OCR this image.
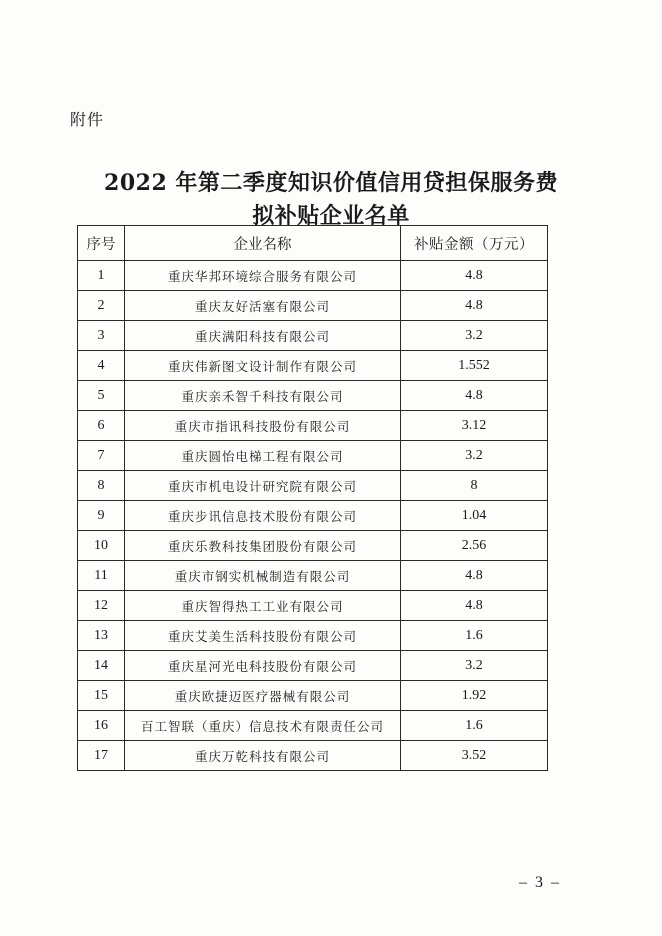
附件
2022 年第二季度知识价值信用贷担保服务费
拟补贴企业名单
序号	企业名称	补贴金额（万元）
1	重庆华邦环境综合服务有限公司	4.8
2	重庆友好活塞有限公司	4.8
3	重庆满阳科技有限公司	3.2
4	重庆伟新图文设计制作有限公司	1.552
5	重庆亲禾智千科技有限公司	4.8
6	重庆市指讯科技股份有限公司	3.12
7	重庆圆怡电梯工程有限公司	3.2
8	重庆市机电设计研究院有限公司	8
9	重庆步讯信息技术股份有限公司	1.04
10	重庆乐教科技集团股份有限公司	2.56
11	重庆市钢实机械制造有限公司	4.8
12	重庆智得热工工业有限公司	4.8
13	重庆艾美生活科技股份有限公司	1.6
14	重庆星河光电科技股份有限公司	3.2
15	重庆欧捷迈医疗器械有限公司	1.92
16	百工智联（重庆）信息技术有限责任公司	1.6
17	重庆万乾科技有限公司	3.52
– 3 –
